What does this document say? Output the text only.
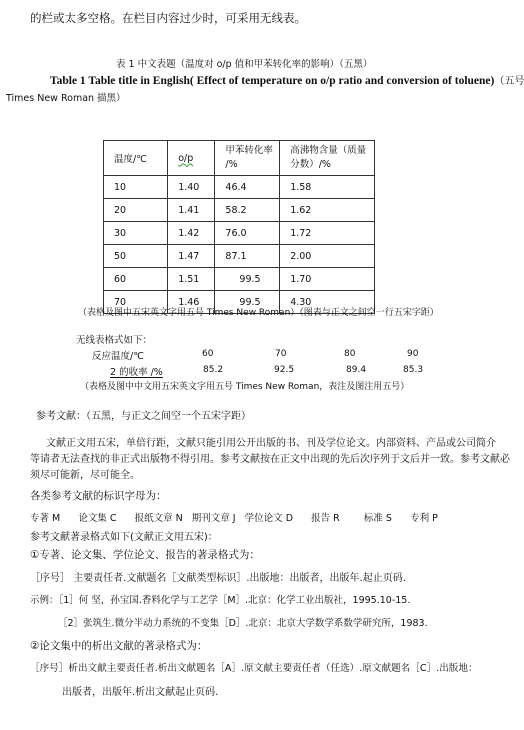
的栏或太多空格。在栏目内容过少时，可采用无线表。
表 1 中文表题（温度对 o/p 值和甲苯转化率的影响）（五黑）
Table 1 Table title in English( Effect of temperature on o/p ratio and conversion of toluene)（五号
Times New Roman 描黑）
温度/℃	o/p	甲苯转化率 /%	高沸物含量（质量分数）/%
10	1.40	46.4	1.58
20	1.41	58.2	1.62
30	1.42	76.0	1.72
50	1.47	87.1	2.00
60	1.51	99.5	1.70
70	1.46	99.5	4.30
（表格及图中五宋英文字用五号 Times New Roman）（图表与正文之间空一行五宋字距）
无线表格式如下：
反应温度/℃	60	70	80	90
2 的收率 /%	85.2	92.5	89.4	85.3
（表格及图中中文用五宋英文字用五号 Times New Roman，表注及图注用五号）
参考文献：（五黑，与正文之间空一个五宋字距）
文献正文用五宋，单倍行距，文献只能引用公开出版的书、刊及学位论文。内部资料、产品或公司简介
等请者无法查找的非正式出版物不得引用。参考文献按在正文中出现的先后次序列于文后并一致。参考文献必
须尽可能新，尽可能全。
各类参考文献的标识字母为：
专著 M      论文集 C      报纸文章 N   期刊文章 J   学位论文 D      报告 R        标准 S      专利 P
参考文献著录格式如下(文献正文用五宋)：
①专著、论文集、学位论文、报告的著录格式为：
［序号］ 主要责任者.文献题名［文献类型标识］.出版地：出版者，出版年.起止页码.
示例：［1］何 坚，孙宝国.香料化学与工艺学［M］.北京：化学工业出版社，1995.10-15.
［2］张筑生.微分半动力系统的不变集［D］.北京：北京大学数学系数学研究所，1983.
②论文集中的析出文献的著录格式为：
［序号］析出文献主要责任者.析出文献题名［A］.原文献主要责任者（任选）.原文献题名［C］.出版地：
出版者，出版年.析出文献起止页码.
